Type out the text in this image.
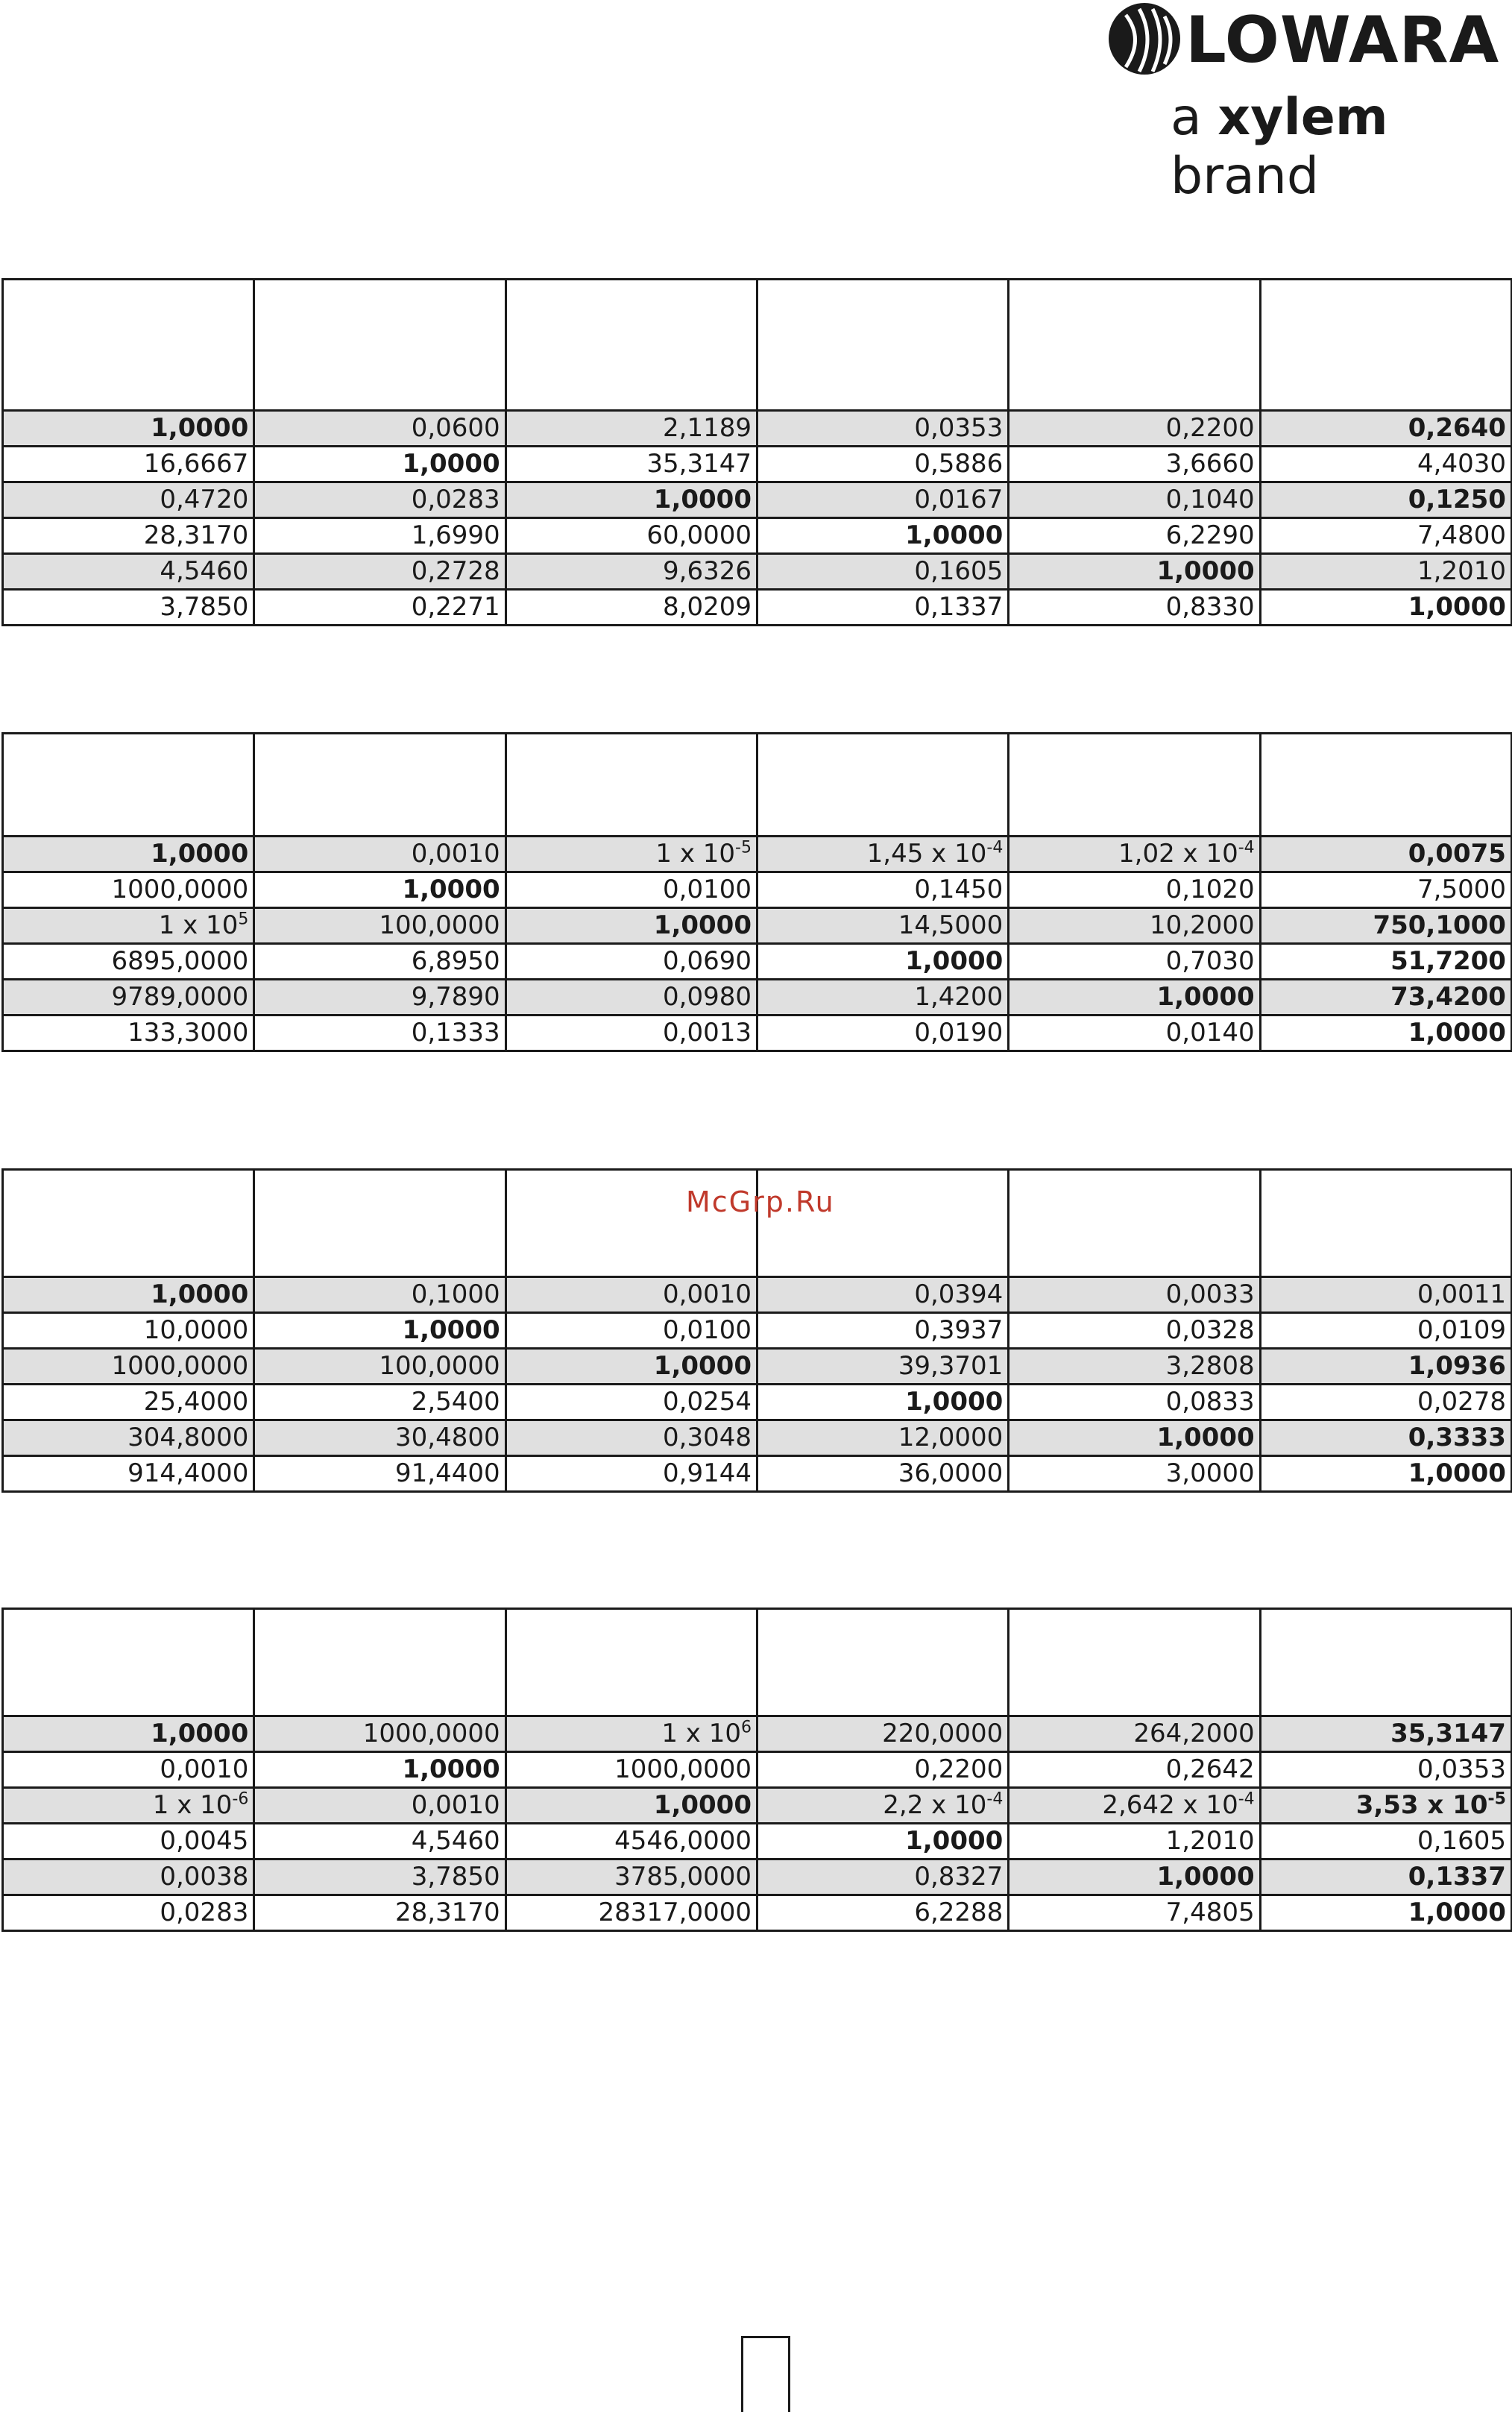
LOWARA
a xylem brand

1,0000	0,0600	2,1189	0,0353	0,2200	0,2640
16,6667	1,0000	35,3147	0,5886	3,6660	4,4030
0,4720	0,0283	1,0000	0,0167	0,1040	0,1250
28,3170	1,6990	60,0000	1,0000	6,2290	7,4800
4,5460	0,2728	9,6326	0,1605	1,0000	1,2010
3,7850	0,2271	8,0209	0,1337	0,8330	1,0000

1,0000	0,0010	1 x $10^{-5}$	1,45 x $10^{-4}$	1,02 x $10^{-4}$	0,0075
1000,0000	1,0000	0,0100	0,1450	0,1020	7,5000
1 x $10^5$	100,0000	1,0000	14,5000	10,2000	750,1000
6895,0000	6,8950	0,0690	1,0000	0,7030	51,7200
9789,0000	9,7890	0,0980	1,4200	1,0000	73,4200
133,3000	0,1333	0,0013	0,0190	0,0140	1,0000

1,0000	0,1000	0,0010	0,0394	0,0033	0,0011
10,0000	1,0000	0,0100	0,3937	0,0328	0,0109
1000,0000	100,0000	1,0000	39,3701	3,2808	1,0936
25,4000	2,5400	0,0254	1,0000	0,0833	0,0278
304,8000	30,4800	0,3048	12,0000	1,0000	0,3333
914,4000	91,4400	0,9144	36,0000	3,0000	1,0000

1,0000	1000,0000	1 x $10^6$	220,0000	264,2000	35,3147
0,0010	1,0000	1000,0000	0,2200	0,2642	0,0353
1 x $10^{-6}$	0,0010	1,0000	2,2 x $10^{-4}$	2,642 x $10^{-4}$	3,53 x $10^{-5}$
0,0045	4,5460	4546,0000	1,0000	1,2010	0,1605
0,0038	3,7850	3785,0000	0,8327	1,0000	0,1337
0,0283	28,3170	28317,0000	6,2288	7,4805	1,0000
McGrp.Ru
